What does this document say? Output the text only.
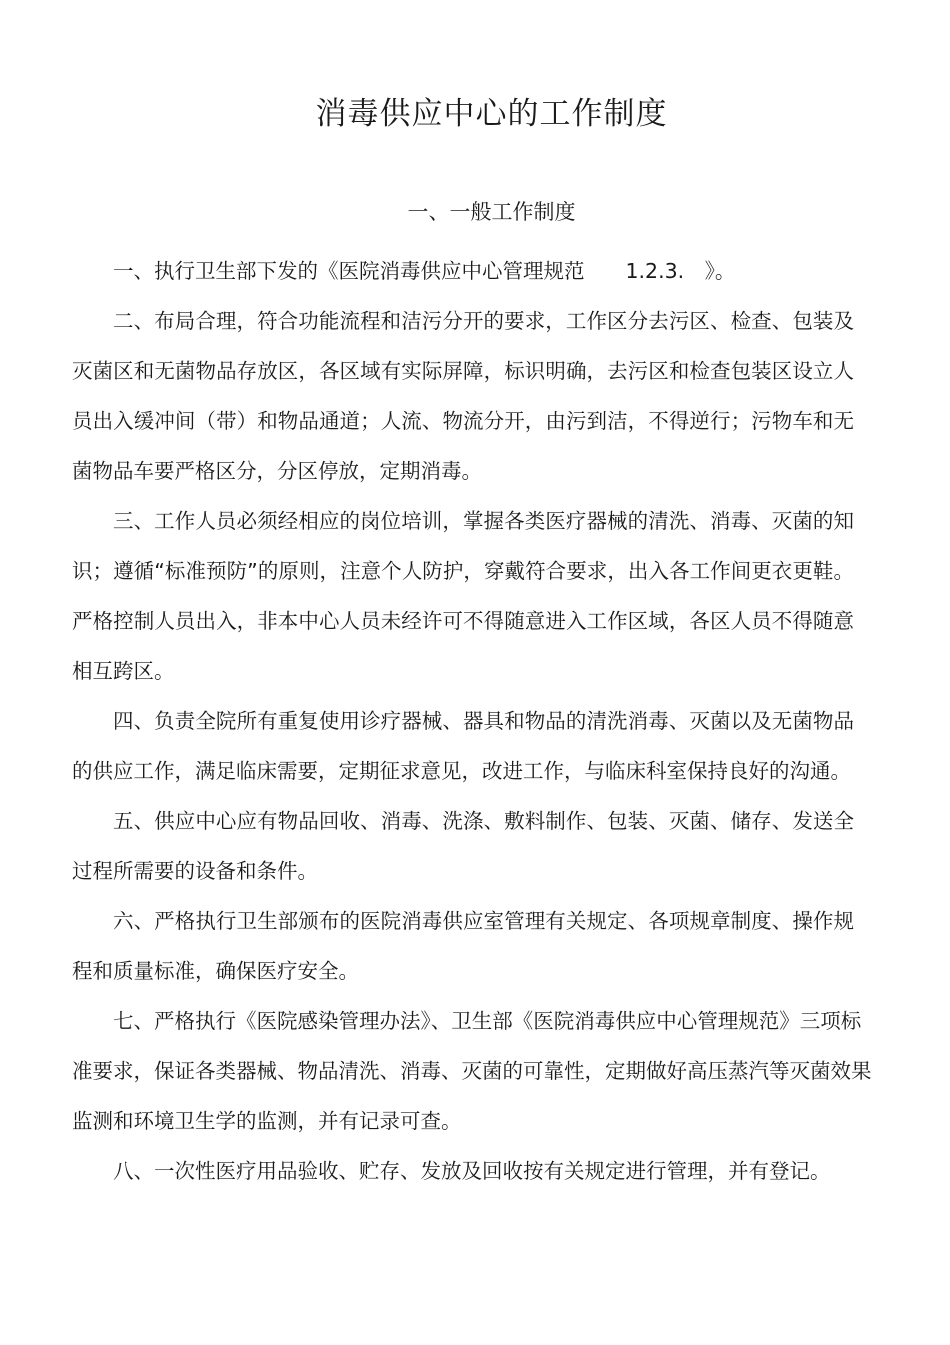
消毒供应中心的工作制度
一、一般工作制度

一、执行卫生部下发的《医院消毒供应中心管理规范　　1.2.3.　》。

二、布局合理，符合功能流程和洁污分开的要求，工作区分去污区、检查、包装及灭菌区和无菌物品存放区，各区域有实际屏障，标识明确，去污区和检查包装区设立人员出入缓冲间（带）和物品通道；人流、物流分开，由污到洁，不得逆行；污物车和无菌物品车要严格区分，分区停放，定期消毒。

三、工作人员必须经相应的岗位培训，掌握各类医疗器械的清洗、消毒、灭菌的知识；遵循“标准预防”的原则，注意个人防护，穿戴符合要求，出入各工作间更衣更鞋。严格控制人员出入，非本中心人员未经许可不得随意进入工作区域，各区人员不得随意相互跨区。

四、负责全院所有重复使用诊疗器械、器具和物品的清洗消毒、灭菌以及无菌物品的供应工作，满足临床需要，定期征求意见，改进工作，与临床科室保持良好的沟通。

五、供应中心应有物品回收、消毒、洗涤、敷料制作、包装、灭菌、储存、发送全过程所需要的设备和条件。

六、严格执行卫生部颁布的医院消毒供应室管理有关规定、各项规章制度、操作规程和质量标准，确保医疗安全。

七、严格执行《医院感染管理办法》、卫生部《医院消毒供应中心管理规范》三项标准要求，保证各类器械、物品清洗、消毒、灭菌的可靠性，定期做好高压蒸汽等灭菌效果监测和环境卫生学的监测，并有记录可查。

八、一次性医疗用品验收、贮存、发放及回收按有关规定进行管理，并有登记。
